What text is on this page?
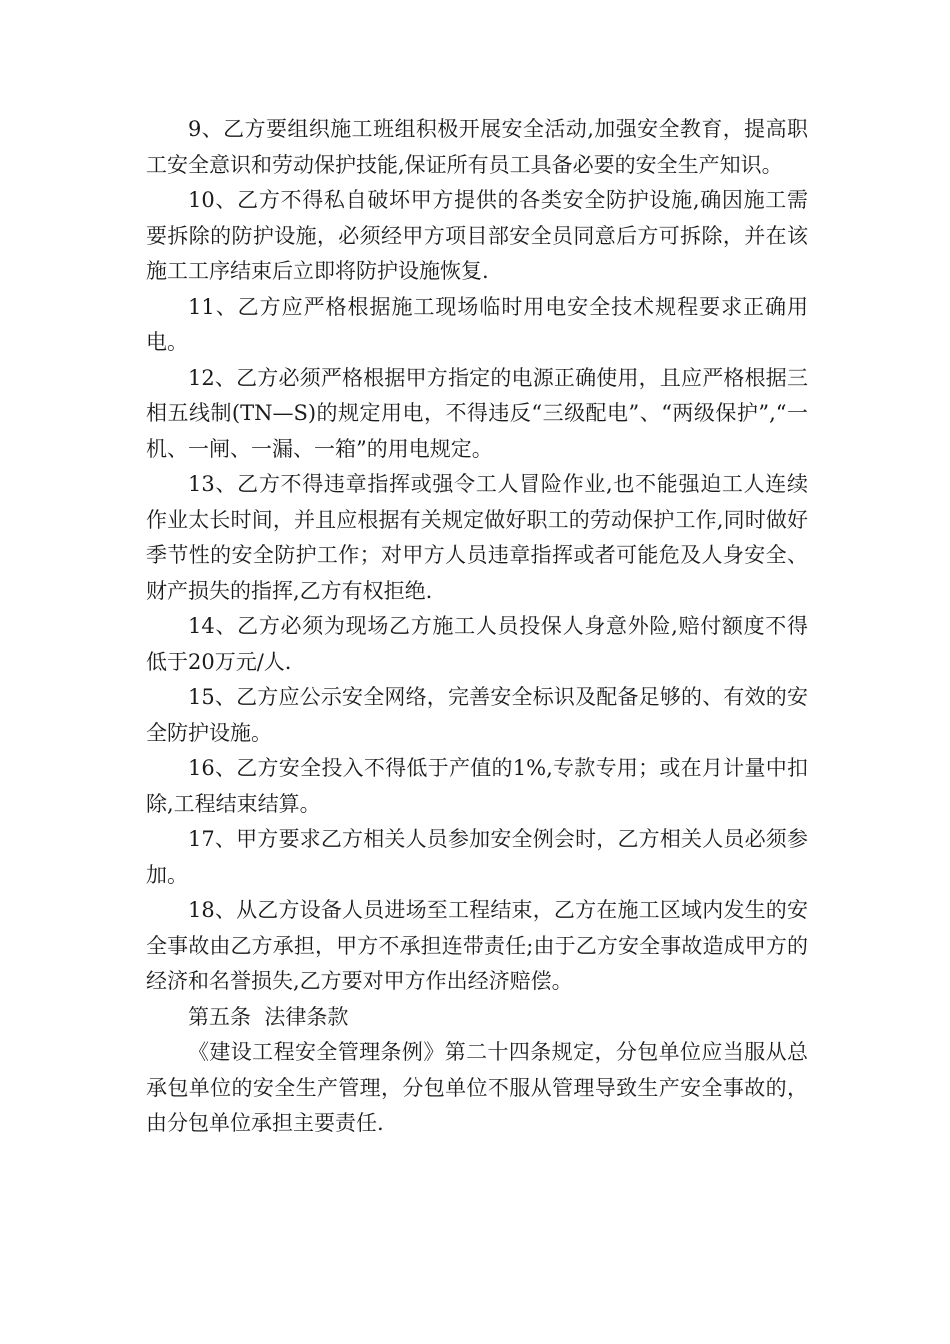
9、乙方要组织施工班组积极开展安全活动,加强安全教育，提高职工安全意识和劳动保护技能,保证所有员工具备必要的安全生产知识。

10、乙方不得私自破坏甲方提供的各类安全防护设施,确因施工需要拆除的防护设施，必须经甲方项目部安全员同意后方可拆除，并在该施工工序结束后立即将防护设施恢复.

11、乙方应严格根据施工现场临时用电安全技术规程要求正确用电。

12、乙方必须严格根据甲方指定的电源正确使用，且应严格根据三相五线制(TN—S)的规定用电，不得违反“三级配电”、“两级保护”,“一机、一闸、一漏、一箱”的用电规定。

13、乙方不得违章指挥或强令工人冒险作业,也不能强迫工人连续作业太长时间，并且应根据有关规定做好职工的劳动保护工作,同时做好季节性的安全防护工作；对甲方人员违章指挥或者可能危及人身安全、财产损失的指挥,乙方有权拒绝.

14、乙方必须为现场乙方施工人员投保人身意外险,赔付额度不得低于20万元/人.

15、乙方应公示安全网络，完善安全标识及配备足够的、有效的安全防护设施。

16、乙方安全投入不得低于产值的1%,专款专用；或在月计量中扣除,工程结束结算。

17、甲方要求乙方相关人员参加安全例会时，乙方相关人员必须参加。

18、从乙方设备人员进场至工程结束，乙方在施工区域内发生的安全事故由乙方承担，甲方不承担连带责任;由于乙方安全事故造成甲方的经济和名誉损失,乙方要对甲方作出经济赔偿。

第五条  法律条款

《建设工程安全管理条例》第二十四条规定，分包单位应当服从总承包单位的安全生产管理，分包单位不服从管理导致生产安全事故的，由分包单位承担主要责任.
